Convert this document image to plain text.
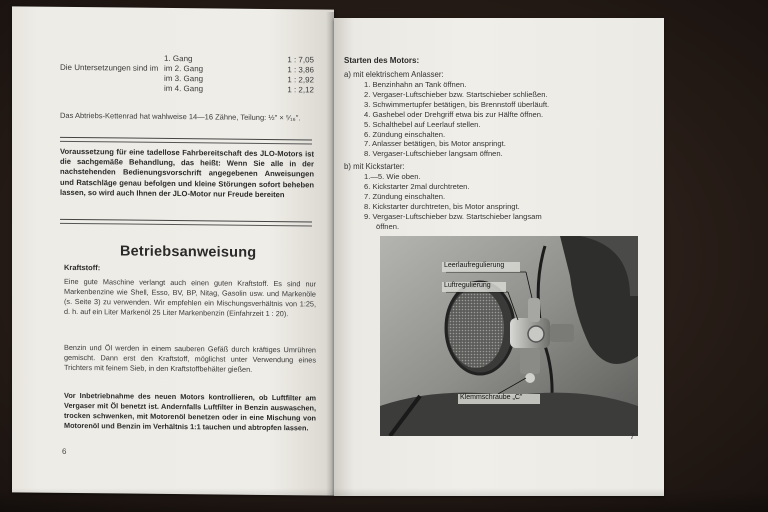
Die Untersetzungen sind im
1. Gang	1 : 7,05
im 2. Gang	1 : 3,86
im 3. Gang	1 : 2,92
im 4. Gang	1 : 2,12
Das Abtriebs-Kettenrad hat wahlweise 14—16 Zähne, Teilung: ½" × ⁵⁄₁₆".
Voraussetzung für eine tadellose Fahrbereitschaft des JLO-Motors ist die sachgemäße Behandlung, das heißt: Wenn Sie alle in der nachstehenden Bedienungsvorschrift angegebenen Anweisungen und Ratschläge genau befolgen und kleine Störungen sofort beheben lassen, so wird auch Ihnen der JLO-Motor nur Freude bereiten
Betriebsanweisung
Kraftstoff:
Eine gute Maschine verlangt auch einen guten Kraftstoff. Es sind nur Markenbenzine wie Shell, Esso, BV, BP, Nitag, Gasolin usw. und Markenöle (s. Seite 3) zu verwenden. Wir empfehlen ein Mischungsverhältnis von 1:25, d. h. auf ein Liter Markenöl 25 Liter Markenbenzin (Einfahrzeit 1 : 20).
Benzin und Öl werden in einem sauberen Gefäß durch kräftiges Umrühren gemischt. Dann erst den Kraftstoff, möglichst unter Verwendung eines Trichters mit feinem Sieb, in den Kraftstoffbehälter gießen.
Vor Inbetriebnahme des neuen Motors kontrollieren, ob Luftfilter am Vergaser mit Öl benetzt ist. Andernfalls Luftfilter in Benzin auswaschen, trocken schwenken, mit Motorenöl benetzen oder in eine Mischung von Motorenöl und Benzin im Verhältnis 1:1 tauchen und abtropfen lassen.
6
Starten des Motors:
a) mit elektrischem Anlasser:
1. Benzinhahn an Tank öffnen.
2. Vergaser-Luftschieber bzw. Startschieber schließen.
3. Schwimmertupfer betätigen, bis Brennstoff überläuft.
4. Gashebel oder Drehgriff etwa bis zur Hälfte öffnen.
5. Schalthebel auf Leerlauf stellen.
6. Zündung einschalten.
7. Anlasser betätigen, bis Motor anspringt.
8. Vergaser-Luftschieber langsam öffnen.
b) mit Kickstarter:
1.—5. Wie oben.
6. Kickstarter 2mal durchtreten.
7. Zündung einschalten.
8. Kickstarter durchtreten, bis Motor anspringt.
9. Vergaser-Luftschieber bzw. Startschieber langsam
öffnen.
Leerlaufregulierung
Luftregulierung
Klemmschraube „C"
7
